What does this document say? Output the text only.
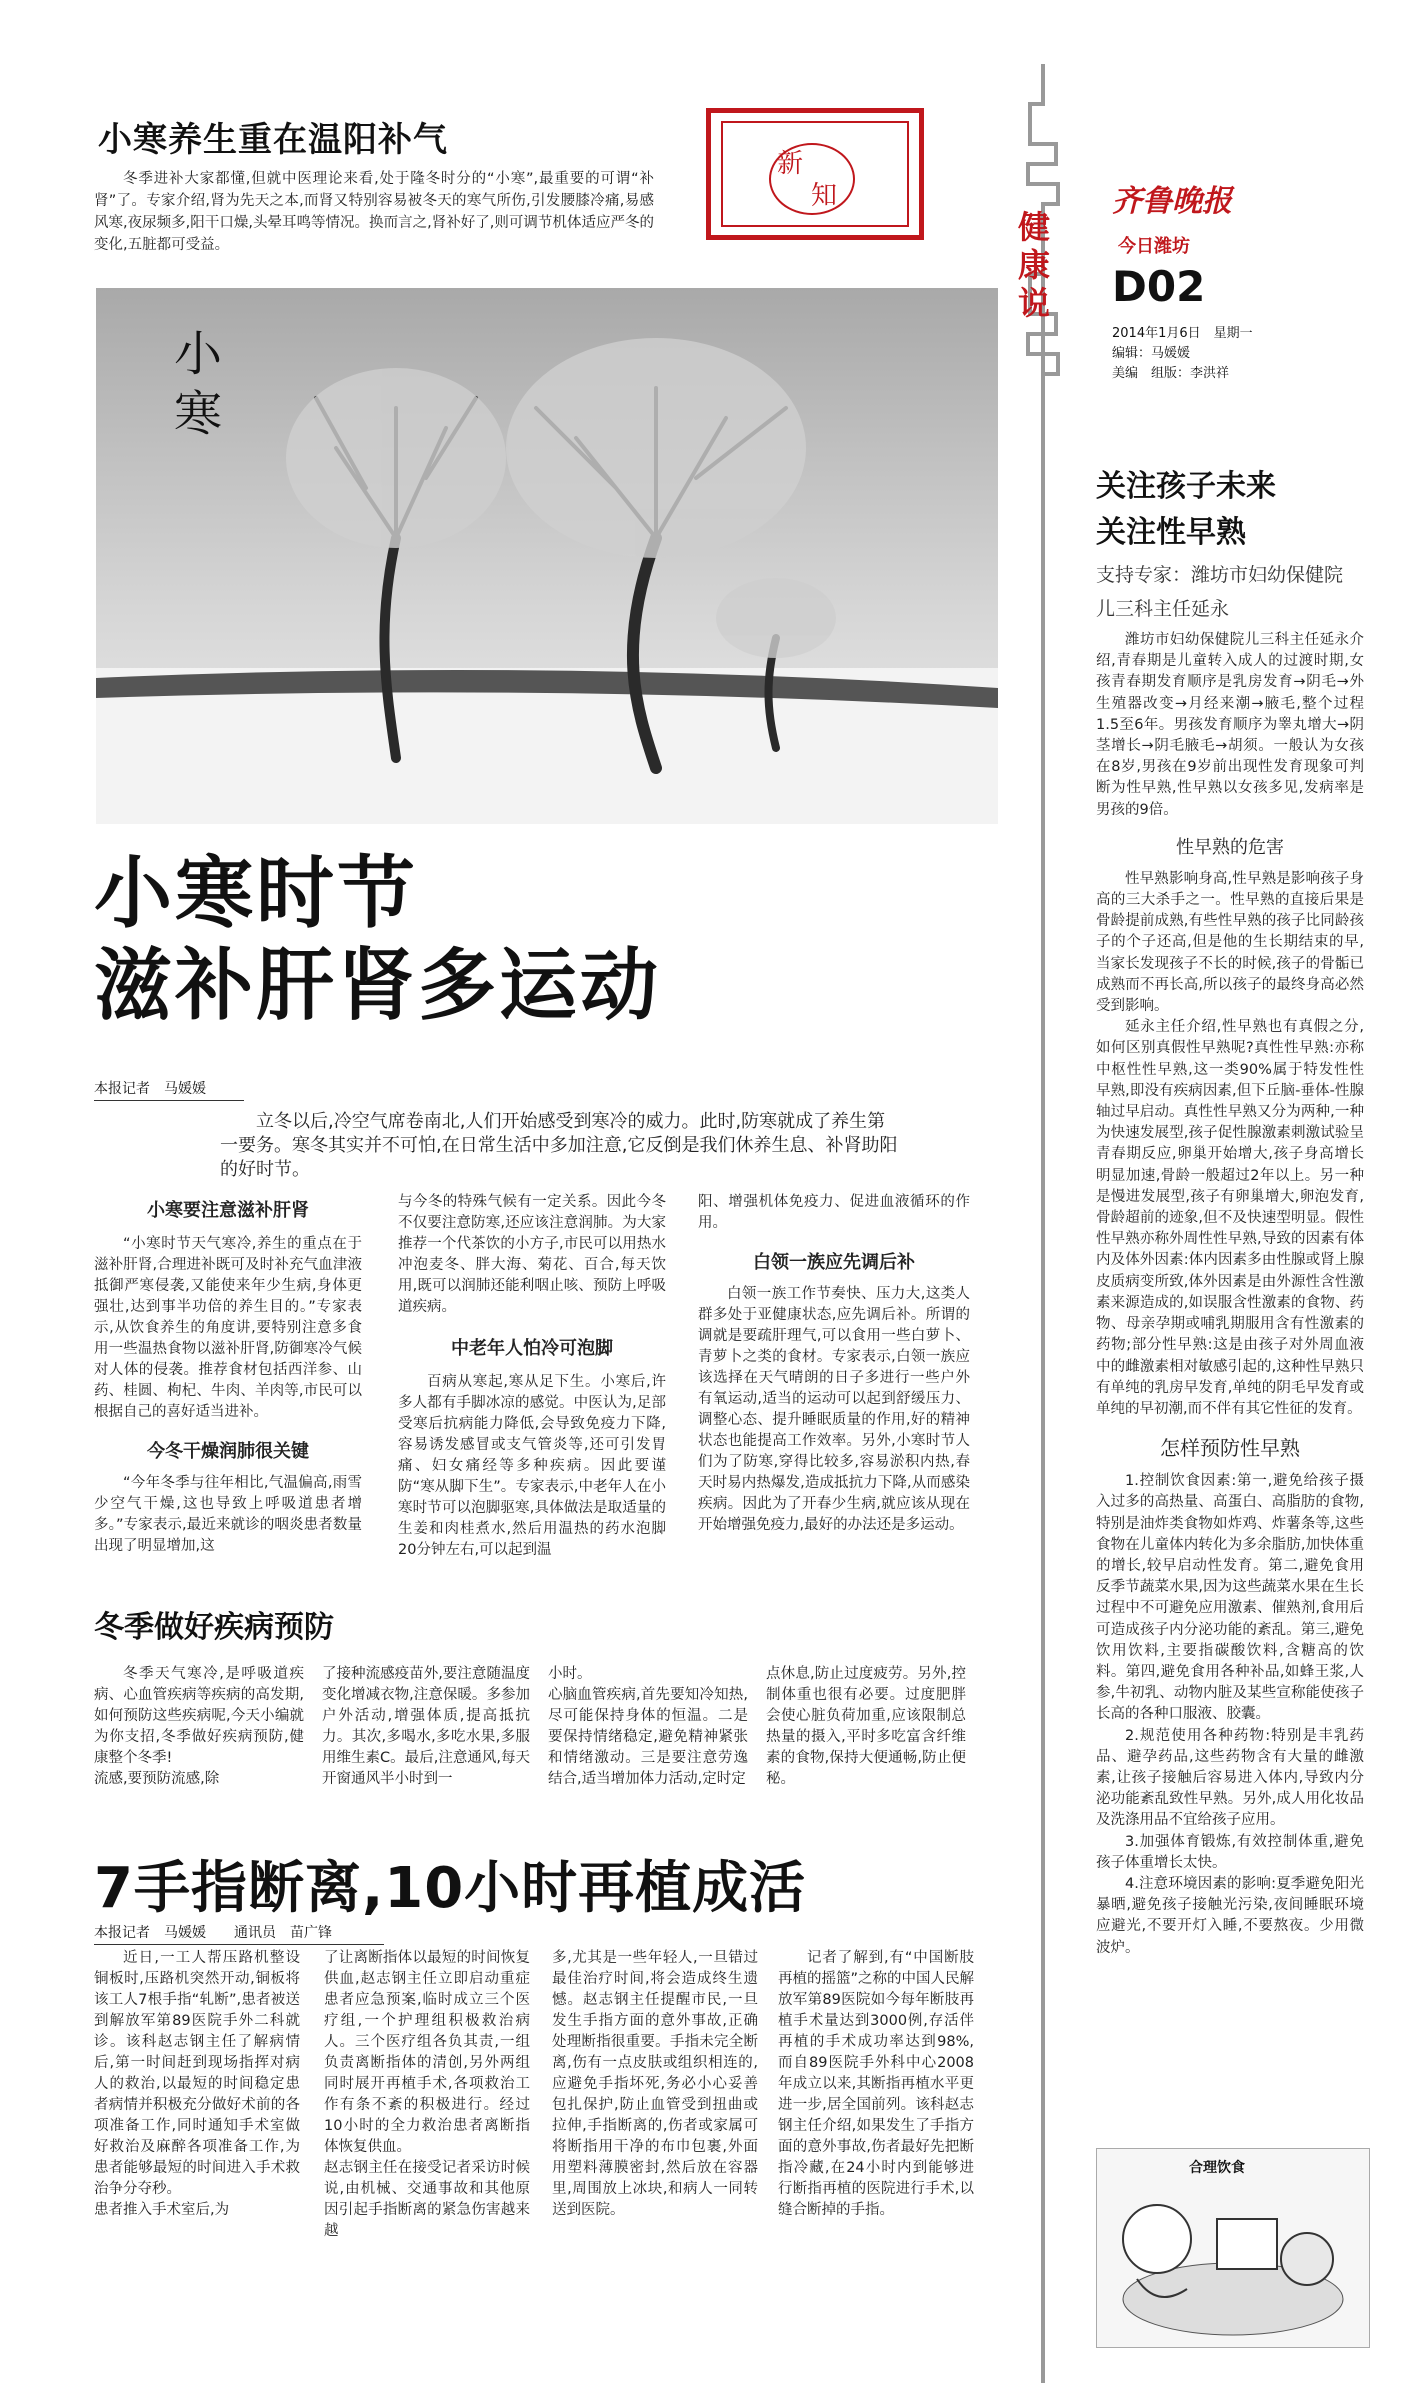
小寒养生重在温阳补气
冬季进补大家都懂,但就中医理论来看,处于隆冬时分的“小寒”,最重要的可谓“补肾”了。专家介绍,肾为先天之本,而肾又特别容易被冬天的寒气所伤,引发腰膝冷痛,易感风寒,夜尿频多,阳干口燥,头晕耳鸣等情况。换而言之,肾补好了,则可调节机体适应严冬的变化,五脏都可受益。
新
知
健
康
说
齐鲁晚报
今日潍坊
D02
2014年1月6日　星期一
编辑：马媛媛
美编　组版：李洪祥
小
寒
小寒时节
滋补肝肾多运动
本报记者　马媛媛
立冬以后,冷空气席卷南北,人们开始感受到寒冷的威力。此时,防寒就成了养生第一要务。寒冬其实并不可怕,在日常生活中多加注意,它反倒是我们休养生息、补肾助阳的好时节。
小寒要注意滋补肝肾
“小寒时节天气寒冷,养生的重点在于滋补肝肾,合理进补既可及时补充气血津液抵御严寒侵袭,又能使来年少生病,身体更强壮,达到事半功倍的养生目的。”专家表示,从饮食养生的角度讲,要特别注意多食用一些温热食物以滋补肝肾,防御寒冷气候对人体的侵袭。推荐食材包括西洋参、山药、桂圆、枸杞、牛肉、羊肉等,市民可以根据自己的喜好适当进补。
今冬干燥润肺很关键
“今年冬季与往年相比,气温偏高,雨雪少空气干燥,这也导致上呼吸道患者增多。”专家表示,最近来就诊的咽炎患者数量出现了明显增加,这
与今冬的特殊气候有一定关系。因此今冬不仅要注意防寒,还应该注意润肺。为大家推荐一个代茶饮的小方子,市民可以用热水冲泡麦冬、胖大海、菊花、百合,每天饮用,既可以润肺还能利咽止咳、预防上呼吸道疾病。
中老年人怕冷可泡脚
百病从寒起,寒从足下生。小寒后,许多人都有手脚冰凉的感觉。中医认为,足部受寒后抗病能力降低,会导致免疫力下降,容易诱发感冒或支气管炎等,还可引发胃痛、妇女痛经等多种疾病。因此要谨防“寒从脚下生”。专家表示,中老年人在小寒时节可以泡脚驱寒,具体做法是取适量的生姜和肉桂煮水,然后用温热的药水泡脚20分钟左右,可以起到温
阳、增强机体免疫力、促进血液循环的作用。
白领一族应先调后补
白领一族工作节奏快、压力大,这类人群多处于亚健康状态,应先调后补。所谓的调就是要疏肝理气,可以食用一些白萝卜、青萝卜之类的食材。专家表示,白领一族应该选择在天气晴朗的日子多进行一些户外有氧运动,适当的运动可以起到舒缓压力、调整心态、提升睡眠质量的作用,好的精神状态也能提高工作效率。另外,小寒时节人们为了防寒,穿得比较多,容易淤积内热,春天时易内热爆发,造成抵抗力下降,从而感染疾病。因此为了开春少生病,就应该从现在开始增强免疫力,最好的办法还是多运动。
冬季做好疾病预防
冬季天气寒冷,是呼吸道疾病、心血管疾病等疾病的高发期,如何预防这些疾病呢,今天小编就为你支招,冬季做好疾病预防,健康整个冬季!
流感,要预防流感,除
了接种流感疫苗外,要注意随温度变化增减衣物,注意保暖。多参加户外活动,增强体质,提高抵抗力。其次,多喝水,多吃水果,多服用维生素C。最后,注意通风,每天开窗通风半小时到一
小时。
心脑血管疾病,首先要知冷知热,尽可能保持身体的恒温。二是要保持情绪稳定,避免精神紧张和情绪激动。三是要注意劳逸结合,适当增加体力活动,定时定
点休息,防止过度疲劳。另外,控制体重也很有必要。过度肥胖会使心脏负荷加重,应该限制总热量的摄入,平时多吃富含纤维素的食物,保持大便通畅,防止便秘。
7手指断离,10小时再植成活
本报记者　马媛媛　　通讯员　苗广锋
近日,一工人帮压路机整设铜板时,压路机突然开动,铜板将该工人7根手指“轧断”,患者被送到解放军第89医院手外二科就诊。该科赵志钢主任了解病情后,第一时间赶到现场指挥对病人的救治,以最短的时间稳定患者病情并积极充分做好术前的各项准备工作,同时通知手术室做好救治及麻醉各项准备工作,为患者能够最短的时间进入手术救治争分夺秒。
患者推入手术室后,为
了让离断指体以最短的时间恢复供血,赵志钢主任立即启动重症患者应急预案,临时成立三个医疗组,一个护理组积极救治病人。三个医疗组各负其责,一组负责离断指体的清创,另外两组同时展开再植手术,各项救治工作有条不紊的积极进行。经过10小时的全力救治患者离断指体恢复供血。
赵志钢主任在接受记者采访时候说,由机械、交通事故和其他原因引起手指断离的紧急伤害越来越
多,尤其是一些年轻人,一旦错过最佳治疗时间,将会造成终生遗憾。赵志钢主任提醒市民,一旦发生手指方面的意外事故,正确处理断指很重要。手指未完全断离,伤有一点皮肤或组织相连的,应避免手指坏死,务必小心妥善包扎保护,防止血管受到扭曲或拉伸,手指断离的,伤者或家属可将断指用干净的布巾包裹,外面用塑料薄膜密封,然后放在容器里,周围放上冰块,和病人一同转送到医院。
记者了解到,有“中国断肢再植的摇篮”之称的中国人民解放军第89医院如今每年断肢再植手术量达到3000例,存活伴再植的手术成功率达到98%,而自89医院手外科中心2008年成立以来,其断指再植水平更进一步,居全国前列。该科赵志钢主任介绍,如果发生了手指方面的意外事故,伤者最好先把断指冷藏,在24小时内到能够进行断指再植的医院进行手术,以缝合断掉的手指。
关注孩子未来
关注性早熟
支持专家：潍坊市妇幼保健院
儿三科主任延永
潍坊市妇幼保健院儿三科主任延永介绍,青春期是儿童转入成人的过渡时期,女孩青春期发育顺序是乳房发育→阴毛→外生殖器改变→月经来潮→腋毛,整个过程1.5至6年。男孩发育顺序为睾丸增大→阴茎增长→阴毛腋毛→胡须。一般认为女孩在8岁,男孩在9岁前出现性发育现象可判断为性早熟,性早熟以女孩多见,发病率是男孩的9倍。
性早熟的危害
性早熟影响身高,性早熟是影响孩子身高的三大杀手之一。性早熟的直接后果是骨龄提前成熟,有些性早熟的孩子比同龄孩子的个子还高,但是他的生长期结束的早,当家长发现孩子不长的时候,孩子的骨骺已成熟而不再长高,所以孩子的最终身高必然受到影响。
延永主任介绍,性早熟也有真假之分,如何区别真假性早熟呢?真性性早熟:亦称中枢性性早熟,这一类90%属于特发性性早熟,即没有疾病因素,但下丘脑-垂体-性腺轴过早启动。真性性早熟又分为两种,一种为快速发展型,孩子促性腺激素刺激试验呈青春期反应,卵巢开始增大,孩子身高增长明显加速,骨龄一般超过2年以上。另一种是慢进发展型,孩子有卵巢增大,卵泡发育,骨龄超前的迹象,但不及快速型明显。假性性早熟亦称外周性性早熟,导致的因素有体内及体外因素:体内因素多由性腺或肾上腺皮质病变所致,体外因素是由外源性含性激素来源造成的,如误服含性激素的食物、药物、母亲孕期或哺乳期服用含有性激素的药物;部分性早熟:这是由孩子对外周血液中的雌激素相对敏感引起的,这种性早熟只有单纯的乳房早发育,单纯的阴毛早发育或单纯的早初潮,而不伴有其它性征的发育。
怎样预防性早熟
1.控制饮食因素:第一,避免给孩子摄入过多的高热量、高蛋白、高脂肪的食物,特别是油炸类食物如炸鸡、炸薯条等,这些食物在儿童体内转化为多余脂肪,加快体重的增长,较早启动性发育。第二,避免食用反季节蔬菜水果,因为这些蔬菜水果在生长过程中不可避免应用激素、催熟剂,食用后可造成孩子内分泌功能的紊乱。第三,避免饮用饮料,主要指碳酸饮料,含糖高的饮料。第四,避免食用各种补品,如蜂王浆,人参,牛初乳、动物内脏及某些宣称能使孩子长高的各种口服液、胶囊。
2.规范使用各种药物:特别是丰乳药品、避孕药品,这些药物含有大量的雌激素,让孩子接触后容易进入体内,导致内分泌功能紊乱致性早熟。另外,成人用化妆品及洗涤用品不宜给孩子应用。
3.加强体育锻炼,有效控制体重,避免孩子体重增长太快。
4.注意环境因素的影响:夏季避免阳光暴晒,避免孩子接触光污染,夜间睡眠环境应避光,不要开灯入睡,不要熬夜。少用微波炉。
合理饮食
